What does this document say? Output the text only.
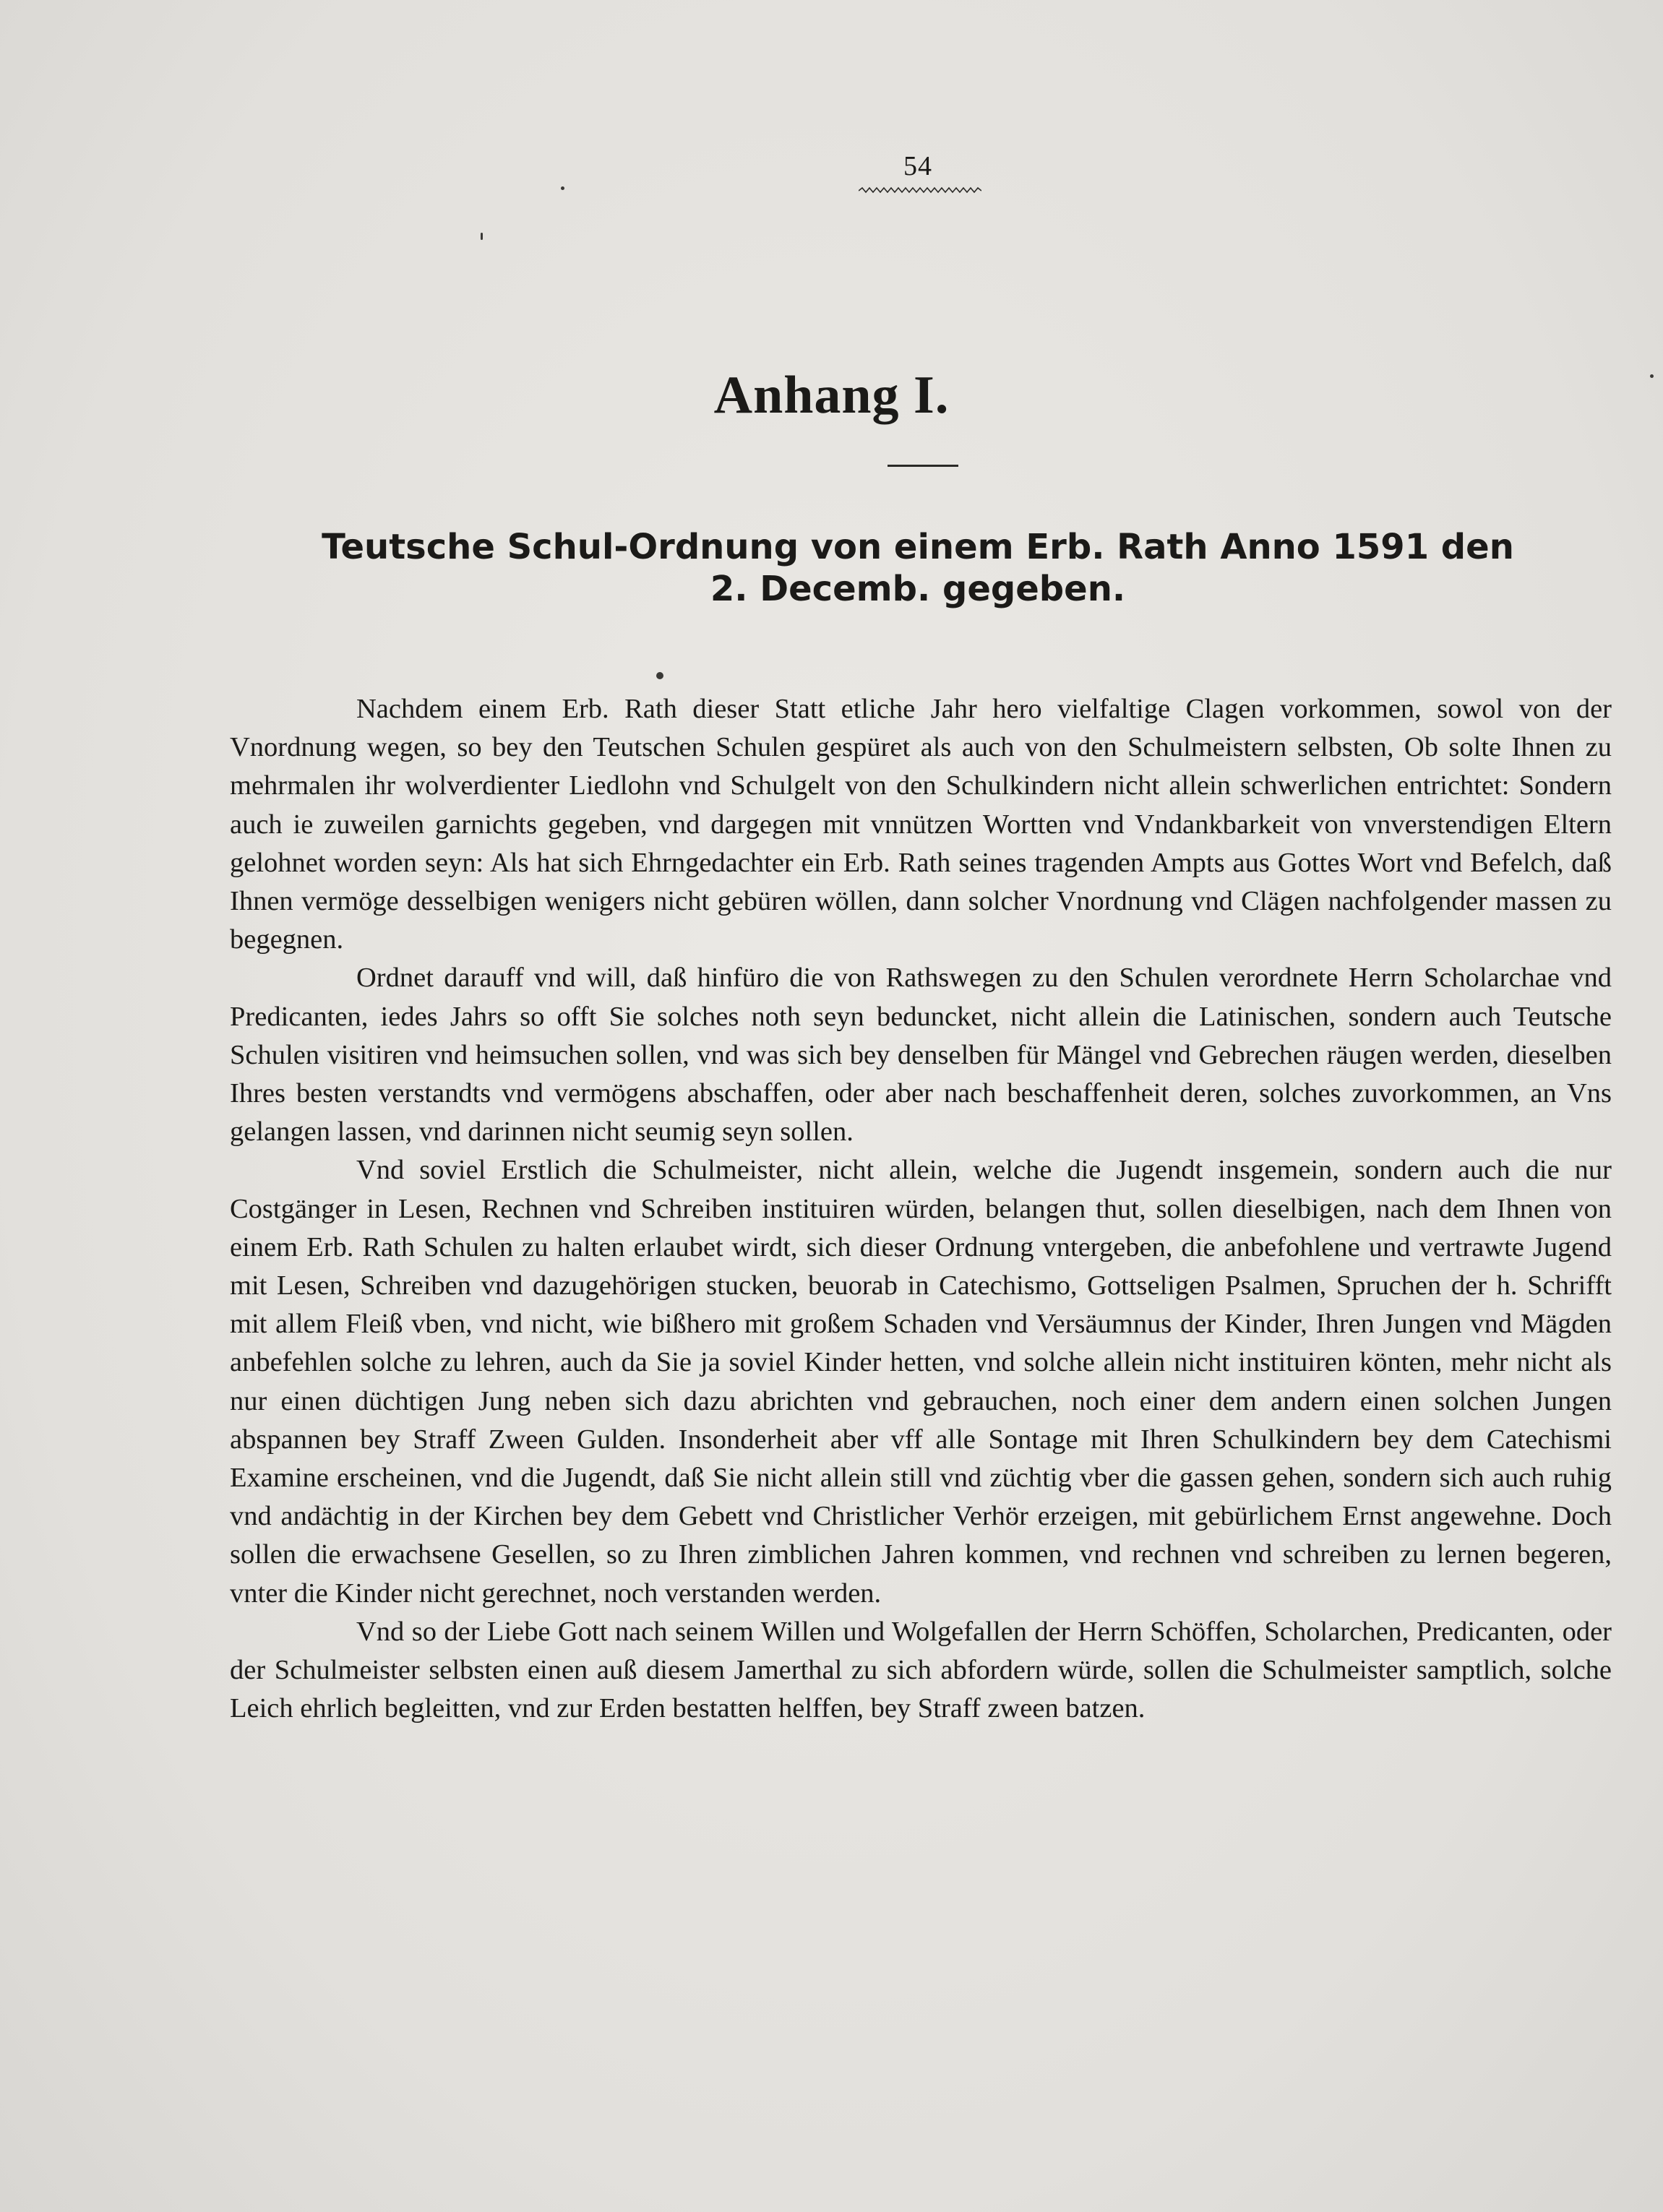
54
Anhang I.
Teutsche Schul-Ordnung von einem Erb. Rath Anno 1591 den
2. Decemb. gegeben.

Nachdem einem Erb. Rath dieser Statt etliche Jahr hero vielfaltige Clagen vorkommen, sowol von der Vnordnung wegen, so bey den Teutschen Schulen gespüret als auch von den Schulmeistern selbsten, Ob solte Ihnen zu mehrmalen ihr wolverdienter Liedlohn vnd Schulgelt von den Schulkindern nicht allein schwerlichen entrichtet: Sondern auch ie zuweilen garnichts gegeben, vnd dargegen mit vnnützen Wortten vnd Vndankbarkeit von vnverstendigen Eltern gelohnet worden seyn: Als hat sich Ehrngedachter ein Erb. Rath seines tragenden Ampts aus Gottes Wort vnd Befelch, daß Ihnen vermöge desselbigen wenigers nicht gebüren wöllen, dann solcher Vnordnung vnd Clägen nachfolgender massen zu begegnen.

Ordnet darauff vnd will, daß hinfüro die von Rathswegen zu den Schulen verordnete Herrn Scholarchae vnd Predicanten, iedes Jahrs so offt Sie solches noth seyn beduncket, nicht allein die Latinischen, sondern auch Teutsche Schulen visitiren vnd heimsuchen sollen, vnd was sich bey denselben für Mängel vnd Gebrechen räugen werden, dieselben Ihres besten verstandts vnd vermögens abschaffen, oder aber nach beschaffenheit deren, solches zuvorkommen, an Vns gelangen lassen, vnd darinnen nicht seumig seyn sollen.

Vnd soviel Erstlich die Schulmeister, nicht allein, welche die Jugendt insgemein, sondern auch die nur Costgänger in Lesen, Rechnen vnd Schreiben instituiren würden, belangen thut, sollen dieselbigen, nach dem Ihnen von einem Erb. Rath Schulen zu halten erlaubet wirdt, sich dieser Ordnung vntergeben, die anbefohlene und vertrawte Jugend mit Lesen, Schreiben vnd dazugehörigen stucken, beuorab in Catechismo, Gottseligen Psalmen, Spruchen der h. Schrifft mit allem Fleiß vben, vnd nicht, wie bißhero mit großem Schaden vnd Versäumnus der Kinder, Ihren Jungen vnd Mägden anbefehlen solche zu lehren, auch da Sie ja soviel Kinder hetten, vnd solche allein nicht instituiren könten, mehr nicht als nur einen düchtigen Jung neben sich dazu abrichten vnd gebrauchen, noch einer dem andern einen solchen Jungen abspannen bey Straff Zween Gulden. Insonderheit aber vff alle Sontage mit Ihren Schulkindern bey dem Catechismi Examine erscheinen, vnd die Jugendt, daß Sie nicht allein still vnd züchtig vber die gassen gehen, sondern sich auch ruhig vnd andächtig in der Kirchen bey dem Gebett vnd Christlicher Verhör erzeigen, mit gebürlichem Ernst angewehne. Doch sollen die erwachsene Gesellen, so zu Ihren zimblichen Jahren kommen, vnd rechnen vnd schreiben zu lernen begeren, vnter die Kinder nicht gerechnet, noch verstanden werden.

Vnd so der Liebe Gott nach seinem Willen und Wolgefallen der Herrn Schöffen, Scholarchen, Predicanten, oder der Schulmeister selbsten einen auß diesem Jamerthal zu sich abfordern würde, sollen die Schulmeister samptlich, solche Leich ehrlich begleitten, vnd zur Erden bestatten helffen, bey Straff zween batzen.
